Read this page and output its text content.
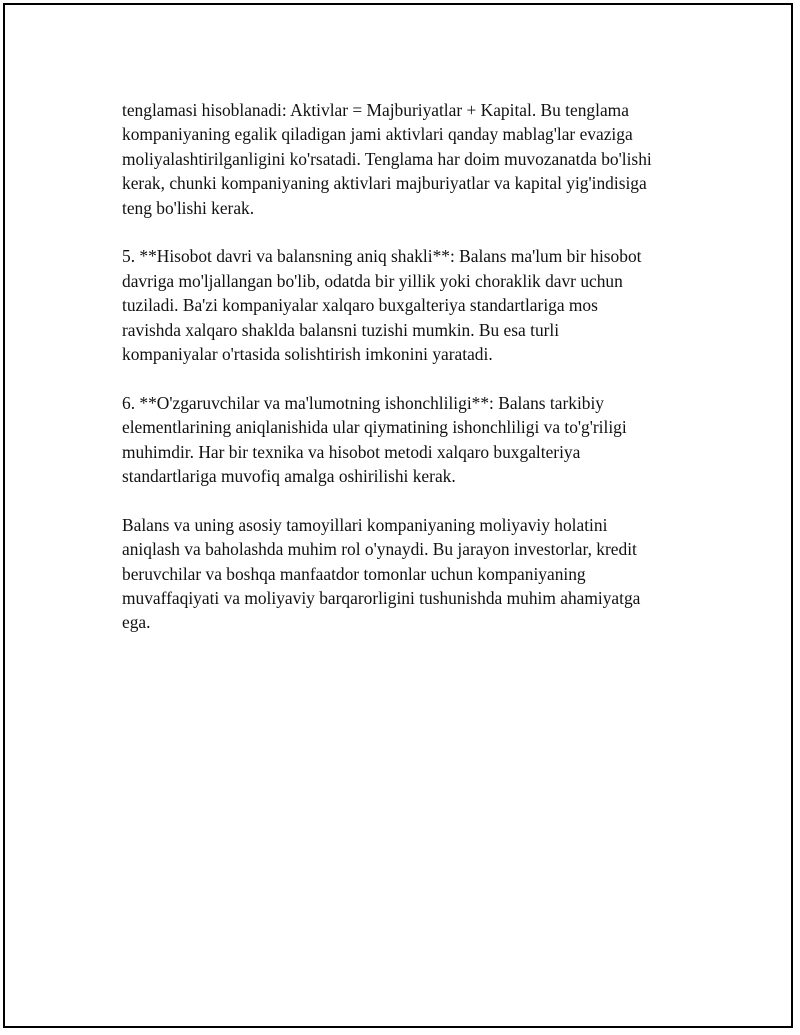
tenglamasi hisoblanadi: Aktivlar = Majburiyatlar + Kapital. Bu tenglama
kompaniyaning egalik qiladigan jami aktivlari qanday mablag'lar evaziga
moliyalashtirilganligini ko'rsatadi. Tenglama har doim muvozanatda bo'lishi
kerak, chunki kompaniyaning aktivlari majburiyatlar va kapital yig'indisiga
teng bo'lishi kerak.

5. **Hisobot davri va balansning aniq shakli**: Balans ma'lum bir hisobot
davriga mo'ljallangan bo'lib, odatda bir yillik yoki choraklik davr uchun
tuziladi. Ba'zi kompaniyalar xalqaro buxgalteriya standartlariga mos
ravishda xalqaro shaklda balansni tuzishi mumkin. Bu esa turli
kompaniyalar o'rtasida solishtirish imkonini yaratadi.

6. **O'zgaruvchilar va ma'lumotning ishonchliligi**: Balans tarkibiy
elementlarining aniqlanishida ular qiymatining ishonchliligi va to'g'riligi
muhimdir. Har bir texnika va hisobot metodi xalqaro buxgalteriya
standartlariga muvofiq amalga oshirilishi kerak.

Balans va uning asosiy tamoyillari kompaniyaning moliyaviy holatini
aniqlash va baholashda muhim rol o'ynaydi. Bu jarayon investorlar, kredit
beruvchilar va boshqa manfaatdor tomonlar uchun kompaniyaning
muvaffaqiyati va moliyaviy barqarorligini tushunishda muhim ahamiyatga
ega.
